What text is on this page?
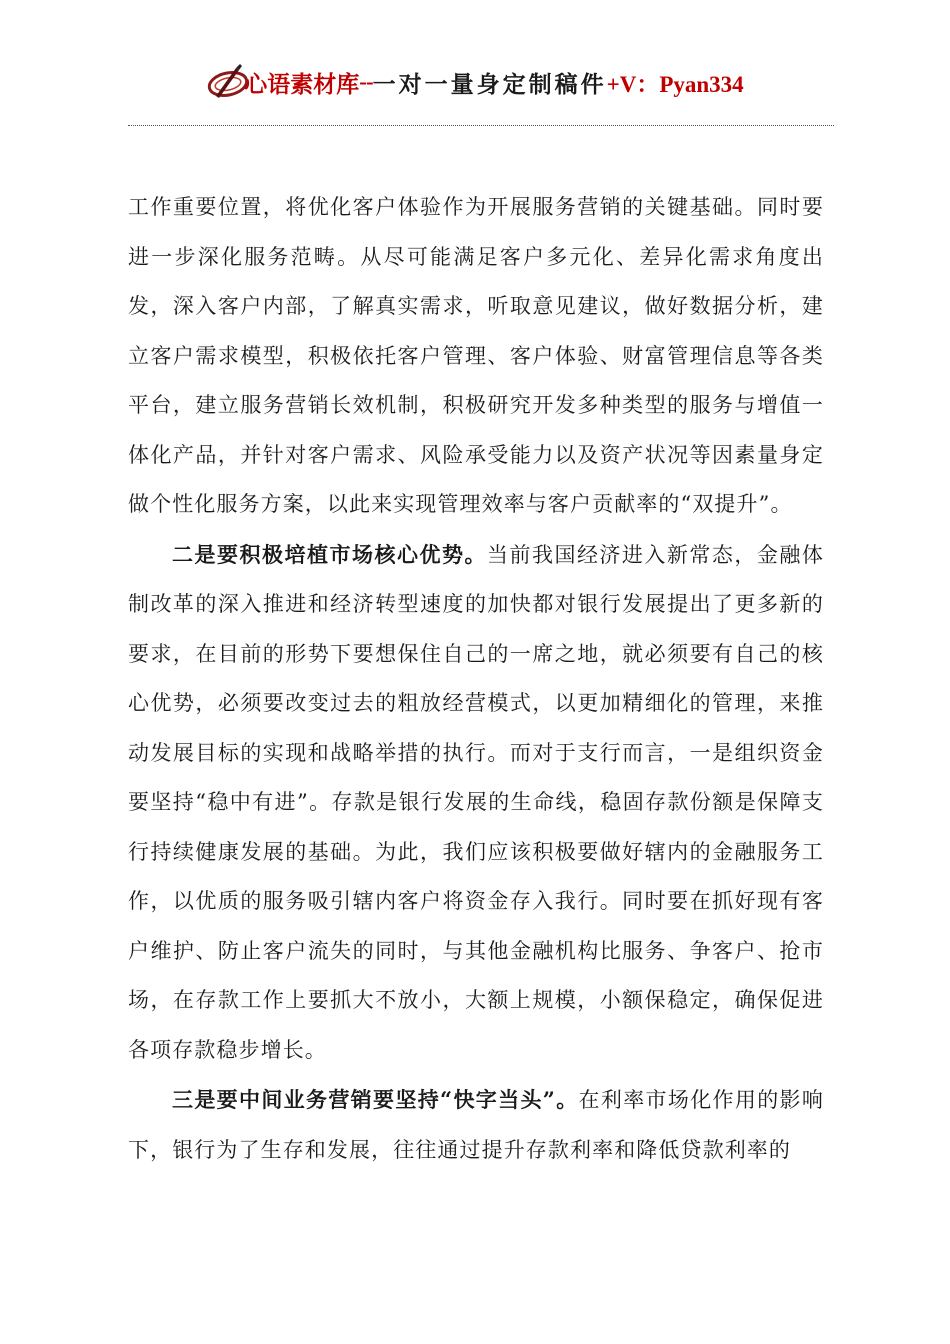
心语素材库 -- 一对一量身定制稿件 +V：Pyan334

工作重要位置，将优化客户体验作为开展服务营销的关键基础。同时要进一步深化服务范畴。从尽可能满足客户多元化、差异化需求角度出发，深入客户内部，了解真实需求，听取意见建议，做好数据分析，建立客户需求模型，积极依托客户管理、客户体验、财富管理信息等各类平台，建立服务营销长效机制，积极研究开发多种类型的服务与增值一体化产品，并针对客户需求、风险承受能力以及资产状况等因素量身定做个性化服务方案，以此来实现管理效率与客户贡献率的“双提升”。

二是要积极培植市场核心优势。当前我国经济进入新常态，金融体制改革的深入推进和经济转型速度的加快都对银行发展提出了更多新的要求，在目前的形势下要想保住自己的一席之地，就必须要有自己的核心优势，必须要改变过去的粗放经营模式，以更加精细化的管理，来推动发展目标的实现和战略举措的执行。而对于支行而言，一是组织资金要坚持“稳中有进”。存款是银行发展的生命线，稳固存款份额是保障支行持续健康发展的基础。为此，我们应该积极要做好辖内的金融服务工作，以优质的服务吸引辖内客户将资金存入我行。同时要在抓好现有客户维护、防止客户流失的同时，与其他金融机构比服务、争客户、抢市场，在存款工作上要抓大不放小，大额上规模，小额保稳定，确保促进各项存款稳步增长。

三是要中间业务营销要坚持“快字当头”。在利率市场化作用的影响下，银行为了生存和发展，往往通过提升存款利率和降低贷款利率的
